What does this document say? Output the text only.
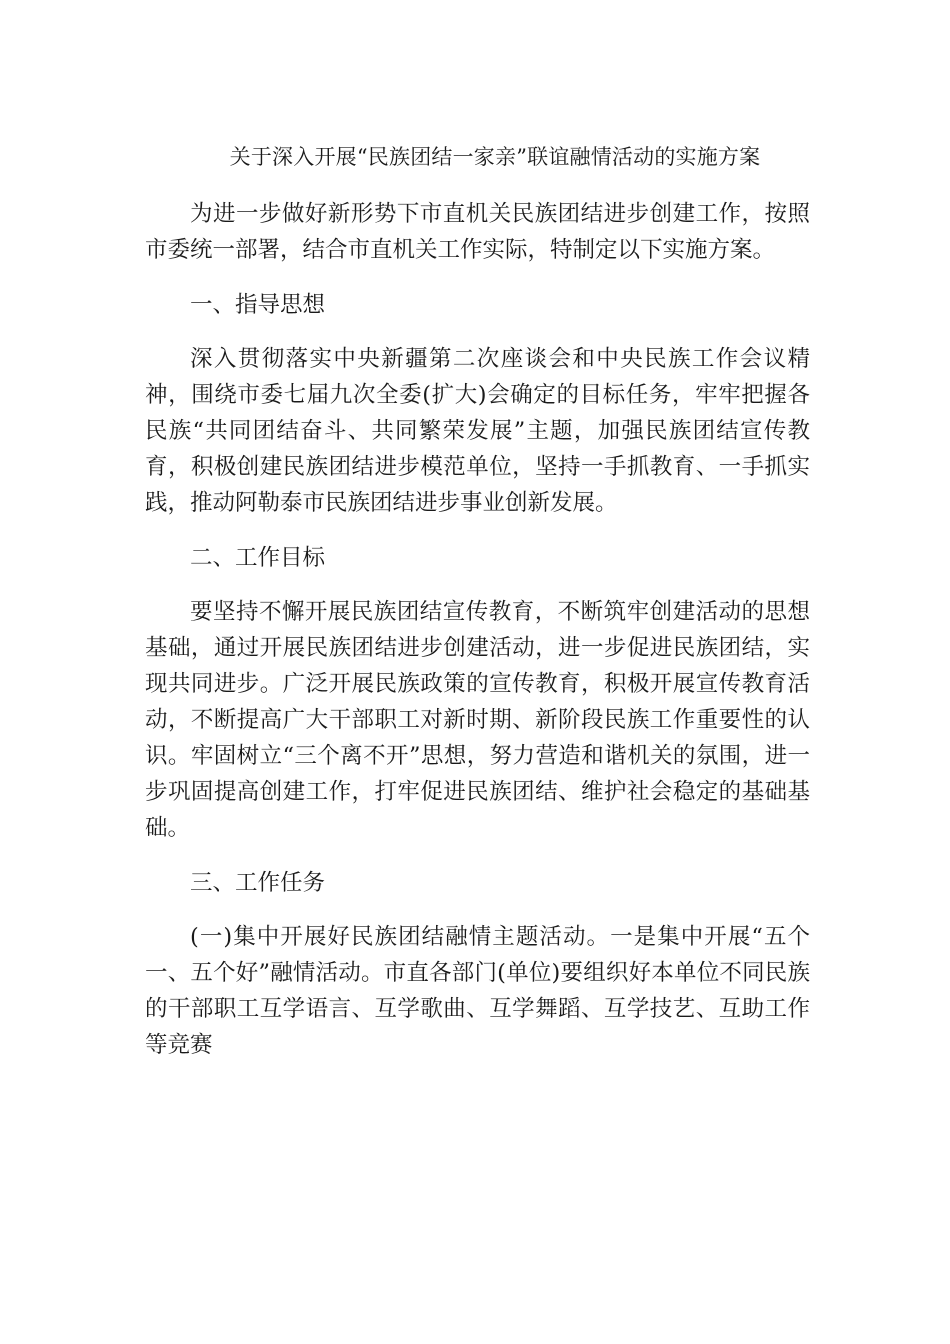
关于深入开展“民族团结一家亲”联谊融情活动的实施方案

为进一步做好新形势下市直机关民族团结进步创建工作，按照市委统一部署，结合市直机关工作实际，特制定以下实施方案。

一、指导思想

深入贯彻落实中央新疆第二次座谈会和中央民族工作会议精神，围绕市委七届九次全委(扩大)会确定的目标任务，牢牢把握各民族“共同团结奋斗、共同繁荣发展”主题，加强民族团结宣传教育，积极创建民族团结进步模范单位，坚持一手抓教育、一手抓实践，推动阿勒泰市民族团结进步事业创新发展。

二、工作目标

要坚持不懈开展民族团结宣传教育，不断筑牢创建活动的思想基础，通过开展民族团结进步创建活动，进一步促进民族团结，实现共同进步。广泛开展民族政策的宣传教育，积极开展宣传教育活动，不断提高广大干部职工对新时期、新阶段民族工作重要性的认识。牢固树立“三个离不开”思想，努力营造和谐机关的氛围，进一步巩固提高创建工作，打牢促进民族团结、维护社会稳定的基础基础。

三、工作任务

(一)集中开展好民族团结融情主题活动。一是集中开展“五个一、五个好”融情活动。市直各部门(单位)要组织好本单位不同民族的干部职工互学语言、互学歌曲、互学舞蹈、互学技艺、互助工作等竞赛
